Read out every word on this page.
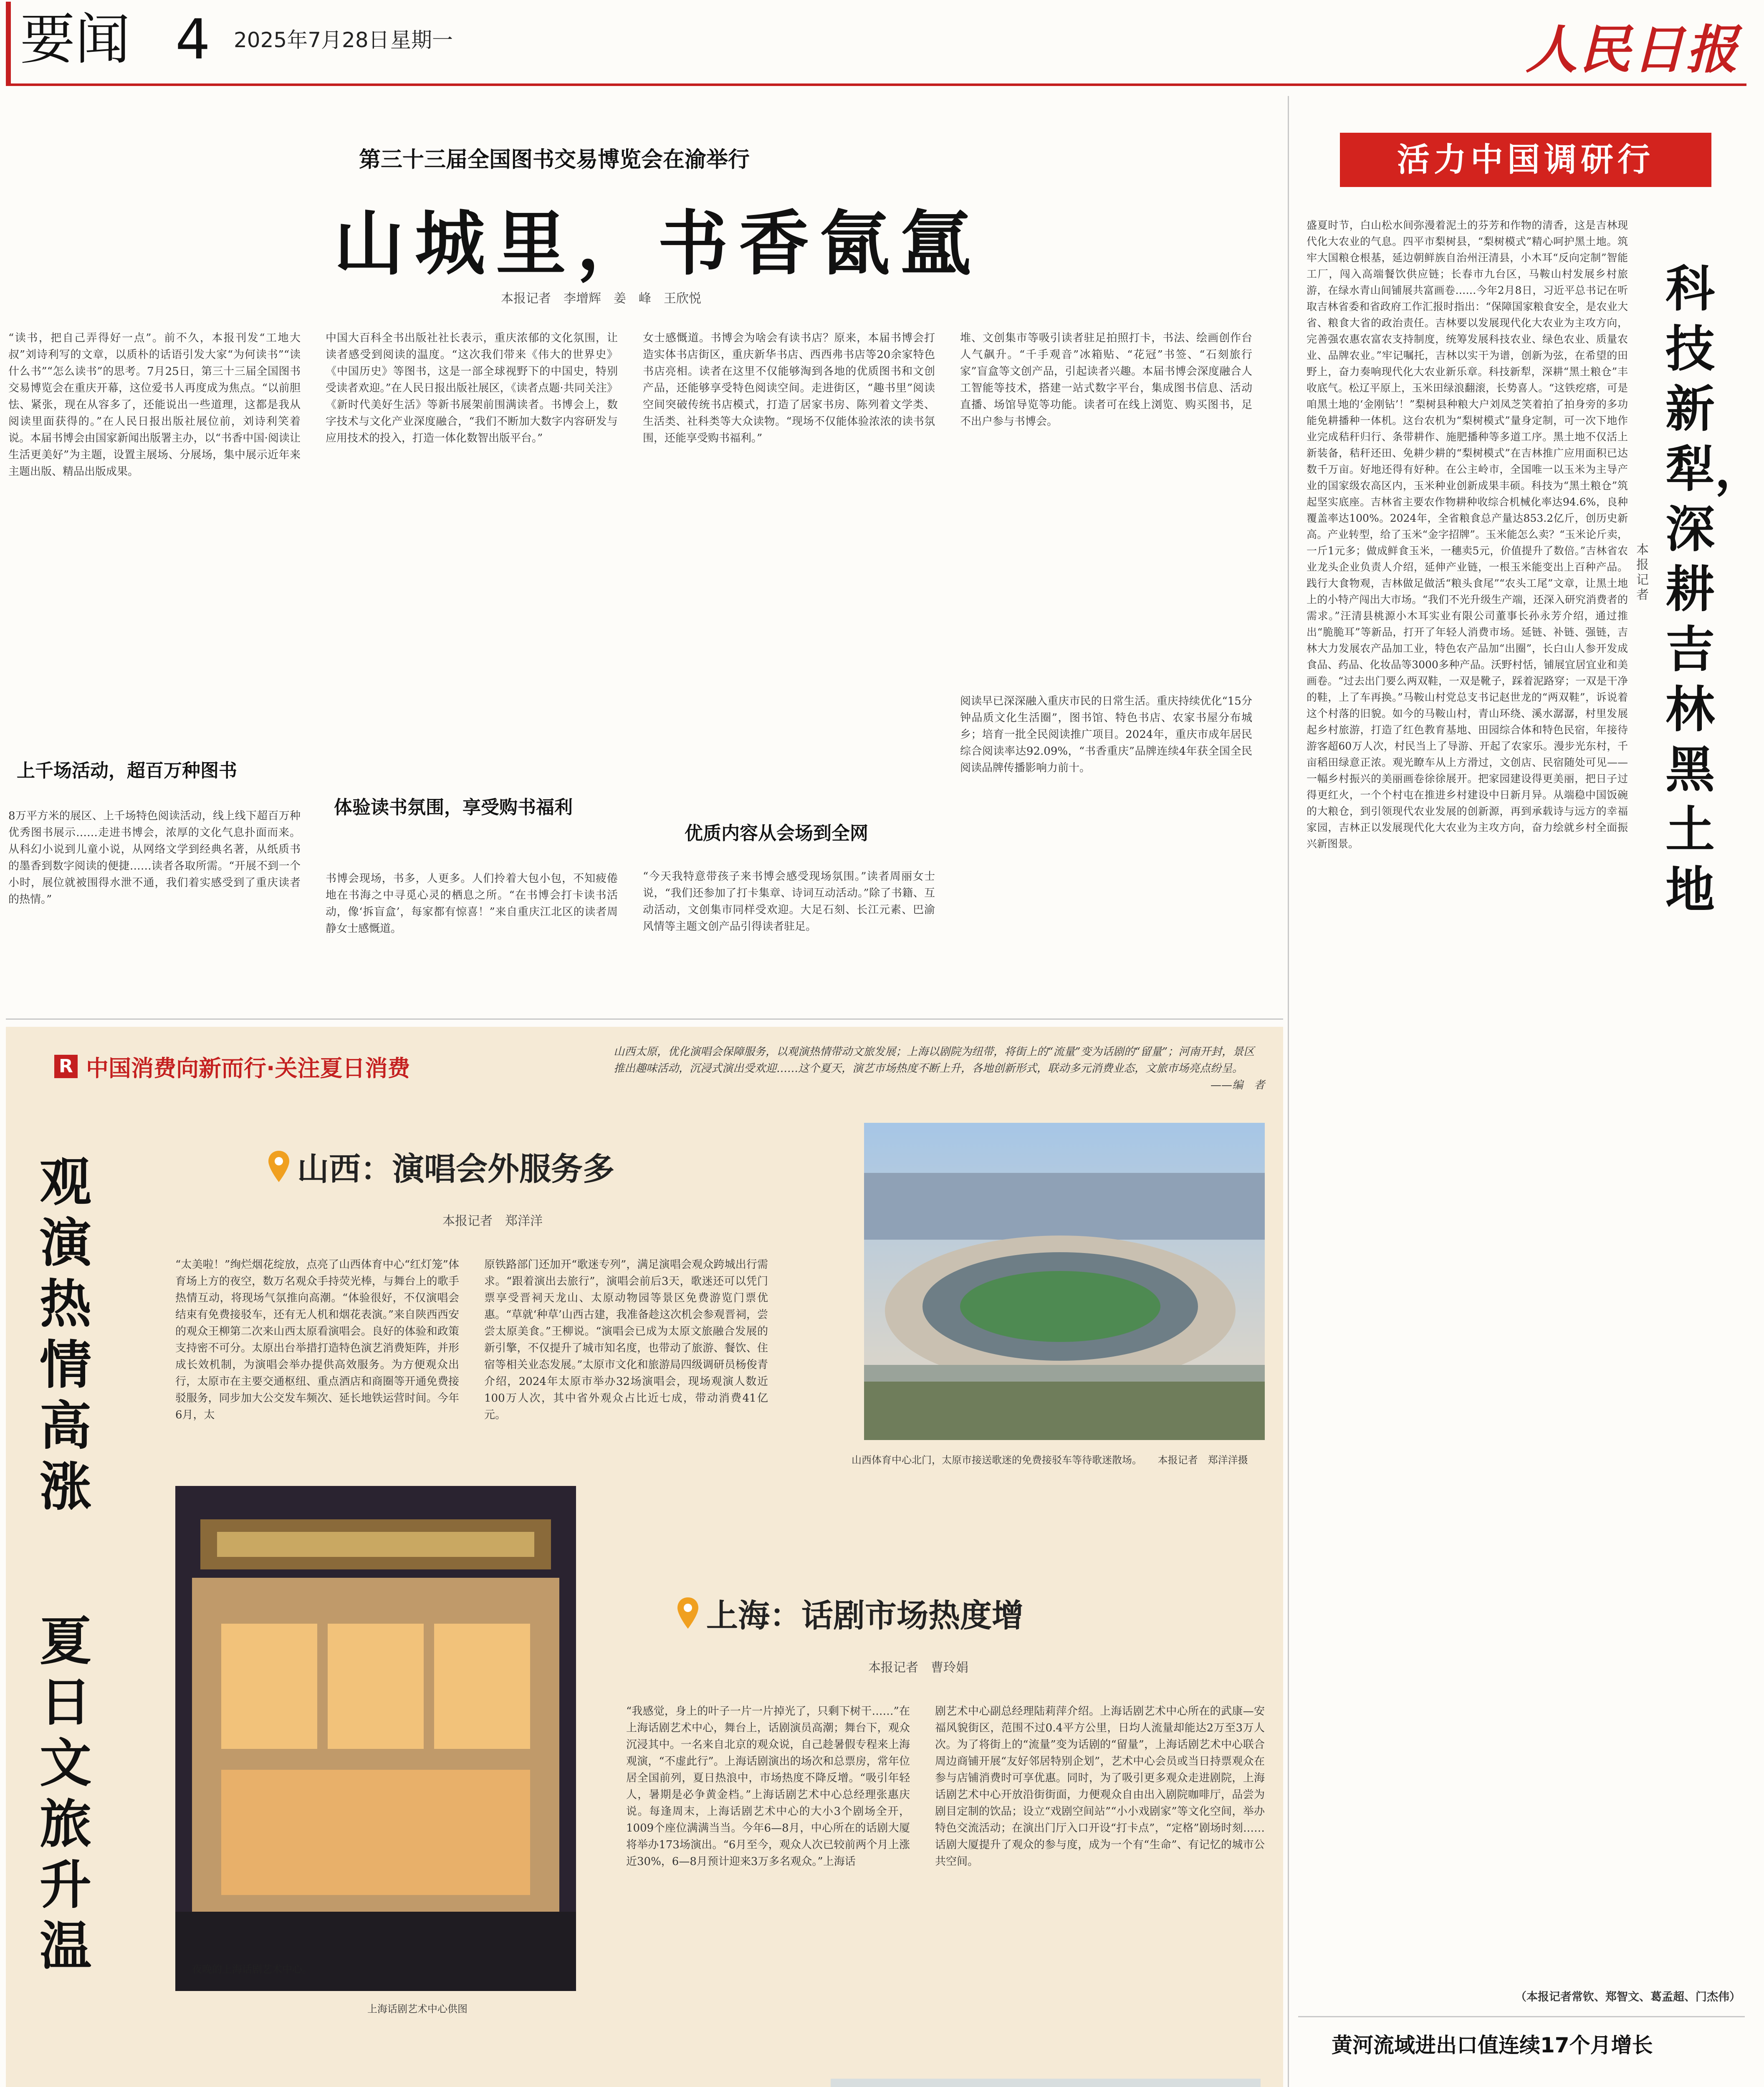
要闻 4 2025年7月28日 星期一	人民日报
第三十三届全国图书交易博览会在渝举行
山城里，书香氤氲
本报记者　李增辉　姜　峰　王欣悦
“读书，把自己弄得好一点”。前不久，本报刊发“工地大叔”刘诗利写的文章，以质朴的话语引发大家“为何读书”“读什么书”“怎么读书”的思考。7月25日，第三十三届全国图书交易博览会在重庆开幕，这位爱书人再度成为焦点。“以前胆怯、紧张，现在从容多了，还能说出一些道理，这都是我从阅读里面获得的。”在人民日报出版社展位前，刘诗利笑着说。本届书博会由国家新闻出版署主办，以“书香中国·阅读让生活更美好”为主题，设置主展场、分展场，集中展示近年来主题出版、精品出版成果。
上千场活动，超百万种图书
8万平方米的展区、上千场特色阅读活动，线上线下超百万种优秀图书展示……走进书博会，浓厚的文化气息扑面而来。从科幻小说到儿童小说，从网络文学到经典名著，从纸质书的墨香到数字阅读的便捷……读者各取所需。“开展不到一个小时，展位就被围得水泄不通，我们着实感受到了重庆读者的热情。”
中国大百科全书出版社社长表示，重庆浓郁的文化氛围，让读者感受到阅读的温度。“这次我们带来《伟大的世界史》《中国历史》等图书，这是一部全球视野下的中国史，特别受读者欢迎。”在人民日报出版社展区，《读者点题·共同关注》《新时代美好生活》等新书展架前围满读者。书博会上，数字技术与文化产业深度融合，“我们不断加大数字内容研发与应用技术的投入，打造一体化数智出版平台。”
体验读书氛围，享受购书福利
书博会现场，书多，人更多。人们拎着大包小包，不知疲倦地在书海之中寻觅心灵的栖息之所。“在书博会打卡读书活动，像‘拆盲盒’，每家都有惊喜！”来自重庆江北区的读者周静女士感慨道。
女士感慨道。书博会为啥会有读书店？原来，本届书博会打造实体书店街区，重庆新华书店、西西弗书店等20余家特色书店亮相。读者在这里不仅能够淘到各地的优质图书和文创产品，还能够享受特色阅读空间。走进街区，“趣书里”阅读空间突破传统书店模式，打造了居家书房、陈列着文学类、生活类、社科类等大众读物。“现场不仅能体验浓浓的读书氛围，还能享受购书福利。”
优质内容从会场到全网
“今天我特意带孩子来书博会感受现场氛围。”读者周丽女士说，“我们还参加了打卡集章、诗词互动活动。”除了书籍、互动活动，文创集市同样受欢迎。大足石刻、长江元素、巴渝风情等主题文创产品引得读者驻足。
堆、文创集市等吸引读者驻足拍照打卡，书法、绘画创作台人气飙升。“千手观音”冰箱贴、“花冠”书签、“石刻旅行家”盲盒等文创产品，引起读者兴趣。本届书博会深度融合人工智能等技术，搭建一站式数字平台，集成图书信息、活动直播、场馆导览等功能。读者可在线上浏览、购买图书，足不出户参与书博会。
阅读早已深深融入重庆市民的日常生活。重庆持续优化“15分钟品质文化生活圈”，图书馆、特色书店、农家书屋分布城乡；培育一批全民阅读推广项目。2024年，重庆市成年居民综合阅读率达92.09%，“书香重庆”品牌连续4年获全国全民阅读品牌传播影响力前十。
R 中国消费向新而行·关注夏日消费
山西太原，优化演唱会保障服务，以观演热情带动文旅发展；上海以剧院为纽带，将街上的“流量”变为话剧的“留量”；河南开封，景区推出趣味活动，沉浸式演出受欢迎……这个夏天，演艺市场热度不断上升，各地创新形式，联动多元消费业态，文旅市场亮点纷呈。
——编　者
观演热情高涨
夏日文旅升温
山西：演唱会外服务多
本报记者　郑洋洋
“太美啦！”绚烂烟花绽放，点亮了山西体育中心“红灯笼”体育场上方的夜空，数万名观众手持荧光棒，与舞台上的歌手热情互动，将现场气氛推向高潮。“体验很好，不仅演唱会结束有免费接驳车，还有无人机和烟花表演。”来自陕西西安的观众王柳第二次来山西太原看演唱会。良好的体验和政策支持密不可分。太原出台举措打造特色演艺消费矩阵，并形成长效机制，为演唱会举办提供高效服务。为方便观众出行，太原市在主要交通枢纽、重点酒店和商圈等开通免费接驳服务，同步加大公交发车频次、延长地铁运营时间。今年6月，太
原铁路部门还加开“歌迷专列”，满足演唱会观众跨城出行需求。“跟着演出去旅行”，演唱会前后3天，歌迷还可以凭门票享受晋祠天龙山、太原动物园等景区免费游览门票优惠。“草就‘种草’山西古建，我准备趁这次机会参观晋祠，尝尝太原美食。”王柳说。“演唱会已成为太原文旅融合发展的新引擎，不仅提升了城市知名度，也带动了旅游、餐饮、住宿等相关业态发展。”太原市文化和旅游局四级调研员杨俊青介绍，2024年太原市举办32场演唱会，现场观演人数近100万人次，其中省外观众占比近七成，带动消费41亿元。
山西体育中心北门，太原市接送歌迷的免费接驳车等待歌迷散场。 本报记者　郑洋洋摄
夜晚的上海话剧艺术中心。
上海话剧艺术中心供图
上海：话剧市场热度增
本报记者　曹玲娟
“我感觉，身上的叶子一片一片掉光了，只剩下树干……”在上海话剧艺术中心，舞台上，话剧演员高潮；舞台下，观众沉浸其中。一名来自北京的观众说，自己趁暑假专程来上海观演，“不虚此行”。上海话剧演出的场次和总票房，常年位居全国前列，夏日热浪中，市场热度不降反增。“吸引年轻人，暑期是必争黄金档。”上海话剧艺术中心总经理张惠庆说。每逢周末，上海话剧艺术中心的大小3个剧场全开，1009个座位满满当当。今年6—8月，中心所在的话剧大厦将举办173场演出。“6月至今，观众人次已较前两个月上涨近30%，6—8月预计迎来3万多名观众。”上海话
剧艺术中心副总经理陆莉萍介绍。上海话剧艺术中心所在的武康—安福风貌街区，范围不过0.4平方公里，日均人流量却能达2万至3万人次。为了将街上的“流量”变为话剧的“留量”，上海话剧艺术中心联合周边商铺开展“友好邻居特别企划”，艺术中心会员或当日持票观众在参与店铺消费时可享优惠。同时，为了吸引更多观众走进剧院，上海话剧艺术中心开放沿街街面，力便观众自由出入剧院咖啡厅，品尝为剧目定制的饮品；设立“戏剧空间站”“小小戏剧家”等文化空间，举办特色交流活动；在演出门厅入口开设“打卡点”，“定格”剧场时刻……话剧大厦提升了观众的参与度，成为一个有“生命”、有记忆的城市公共空间。
活力中国调研行
科技新犁，深耕吉林黑土地
本报记者
盛夏时节，白山松水间弥漫着泥土的芬芳和作物的清香，这是吉林现代化大农业的气息。四平市梨树县，“梨树模式”精心呵护黑土地。筑牢大国粮仓根基，延边朝鲜族自治州汪清县，小木耳“反向定制”智能工厂，闯入高端餐饮供应链；长春市九台区，马鞍山村发展乡村旅游，在绿水青山间铺展共富画卷……今年2月8日，习近平总书记在听取吉林省委和省政府工作汇报时指出：“保障国家粮食安全，是农业大省、粮食大省的政治责任。吉林要以发展现代化大农业为主攻方向，完善强农惠农富农支持制度，统筹发展科技农业、绿色农业、质量农业、品牌农业。”牢记嘱托，吉林以实干为谱，创新为弦，在希望的田野上，奋力奏响现代化大农业新乐章。科技新犁，深耕“黑土粮仓”丰收底气。松辽平原上，玉米田绿浪翻滚，长势喜人。“这铁疙瘩，可是咱黑土地的‘金刚钻’！”梨树县种粮大户刘凤芝笑着拍了拍身旁的多功能免耕播种一体机。这台农机为“梨树模式”量身定制，可一次下地作业完成秸秆归行、条带耕作、施肥播种等多道工序。黑土地不仅活上新装备，秸秆还田、免耕少耕的“梨树模式”在吉林推广应用面积已达数千万亩。好地还得有好种。在公主岭市，全国唯一以玉米为主导产业的国家级农高区内，玉米种业创新成果丰硕。科技为“黑土粮仓”筑起坚实底座。吉林省主要农作物耕种收综合机械化率达94.6%，良种覆盖率达100%。2024年，全省粮食总产量达853.2亿斤，创历史新高。产业转型，给了玉米“金字招牌”。玉米能怎么卖？“玉米论斤卖，一斤1元多；做成鲜食玉米，一穗卖5元，价值提升了数倍。”吉林省农业龙头企业负责人介绍，延伸产业链，一根玉米能变出上百种产品。践行大食物观，吉林做足做活“粮头食尾”“农头工尾”文章，让黑土地上的小特产闯出大市场。“我们不光升级生产端，还深入研究消费者的需求。”汪清县桃源小木耳实业有限公司董事长孙永芳介绍，通过推出“脆脆耳”等新品，打开了年轻人消费市场。延链、补链、强链，吉林大力发展农产品加工业，特色农产品加“出圈”，长白山人参开发成食品、药品、化妆品等3000多种产品。沃野村恬，铺展宜居宜业和美画卷。“过去出门要么两双鞋，一双是靴子，踩着泥路穿；一双是干净的鞋，上了车再换。”马鞍山村党总支书记赵世龙的“两双鞋”，诉说着这个村落的旧貌。如今的马鞍山村，青山环绕、溪水潺潺，村里发展起乡村旅游，打造了红色教育基地、田园综合体和特色民宿，年接待游客超60万人次，村民当上了导游、开起了农家乐。漫步光东村，千亩稻田绿意正浓。观光瞭车从上方滑过，文创店、民宿随处可见——一幅乡村振兴的美丽画卷徐徐展开。把家园建设得更美丽，把日子过得更红火，一个个村屯在推进乡村建设中日新月异。从端稳中国饭碗的大粮仓，到引领现代农业发展的创新源，再到承载诗与远方的幸福家园，吉林正以发展现代化大农业为主攻方向，奋力绘就乡村全面振兴新图景。
（本报记者常钦、郑智文、葛孟超、门杰伟）
黄河流域进出口值连续17个月增长
